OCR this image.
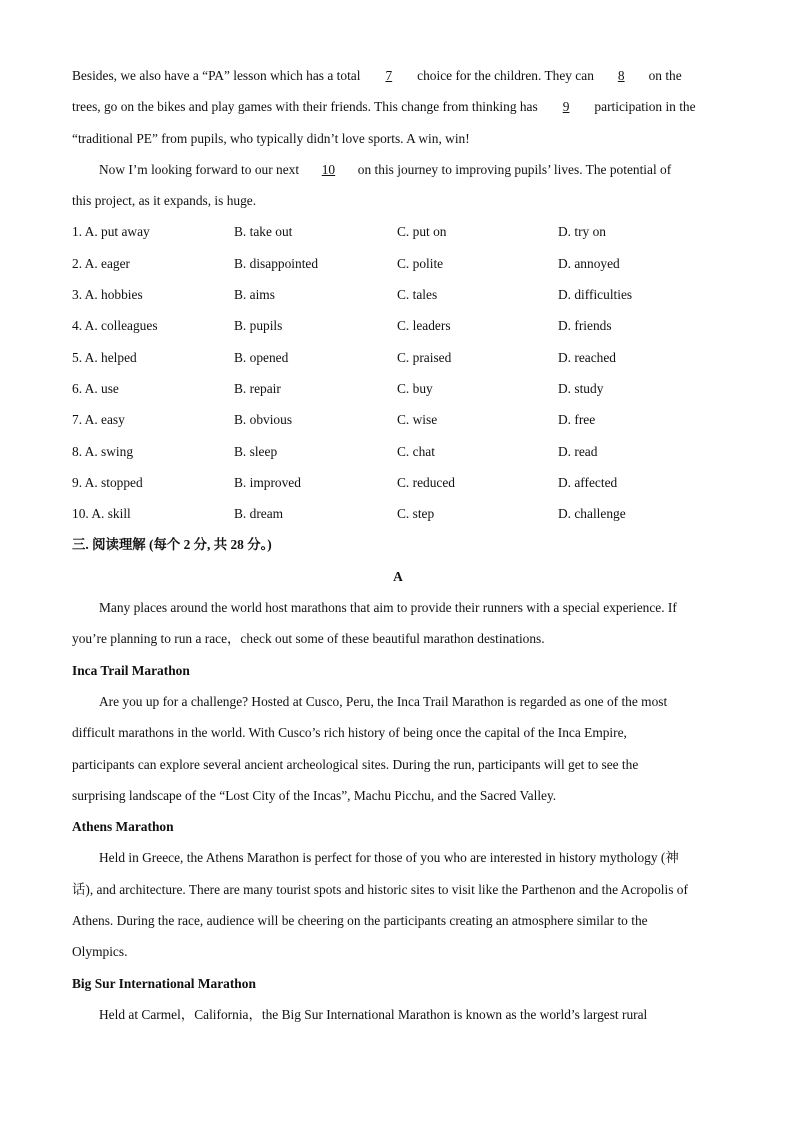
Besides, we also have a “PA” lesson which has a total 7 choice for the children. They can 8 on the
trees, go on the bikes and play games with their friends. This change from thinking has 9 participation in the
“traditional PE” from pupils, who typically didn’t love sports. A win, win!
Now I’m looking forward to our next 10 on this journey to improving pupils’ lives. The potential of
this project, as it expands, is huge.
1. A. put away	B. take out	C. put on	D. try on
2. A. eager	B. disappointed	C. polite	D. annoyed
3. A. hobbies	B. aims	C. tales	D. difficulties
4. A. colleagues	B. pupils	C. leaders	D. friends
5. A. helped	B. opened	C. praised	D. reached
6. A. use	B. repair	C. buy	D. study
7. A. easy	B. obvious	C. wise	D. free
8. A. swing	B. sleep	C. chat	D. read
9. A. stopped	B. improved	C. reduced	D. affected
10. A. skill	B. dream	C. step	D. challenge
三. 阅读理解 (每个 2 分, 共 28 分。)
A
Many places around the world host marathons that aim to provide their runners with a special experience. If
you’re planning to run a race，check out some of these beautiful marathon destinations.
Inca Trail Marathon
Are you up for a challenge? Hosted at Cusco, Peru, the Inca Trail Marathon is regarded as one of the most
difficult marathons in the world. With Cusco’s rich history of being once the capital of the Inca Empire,
participants can explore several ancient archeological sites. During the run, participants will get to see the
surprising landscape of the “Lost City of the Incas”, Machu Picchu, and the Sacred Valley.
Athens Marathon
Held in Greece, the Athens Marathon is perfect for those of you who are interested in history mythology (神
话), and architecture. There are many tourist spots and historic sites to visit like the Parthenon and the Acropolis of
Athens. During the race, audience will be cheering on the participants creating an atmosphere similar to the
Olympics.
Big Sur International Marathon
Held at Carmel，California，the Big Sur International Marathon is known as the world’s largest rural
